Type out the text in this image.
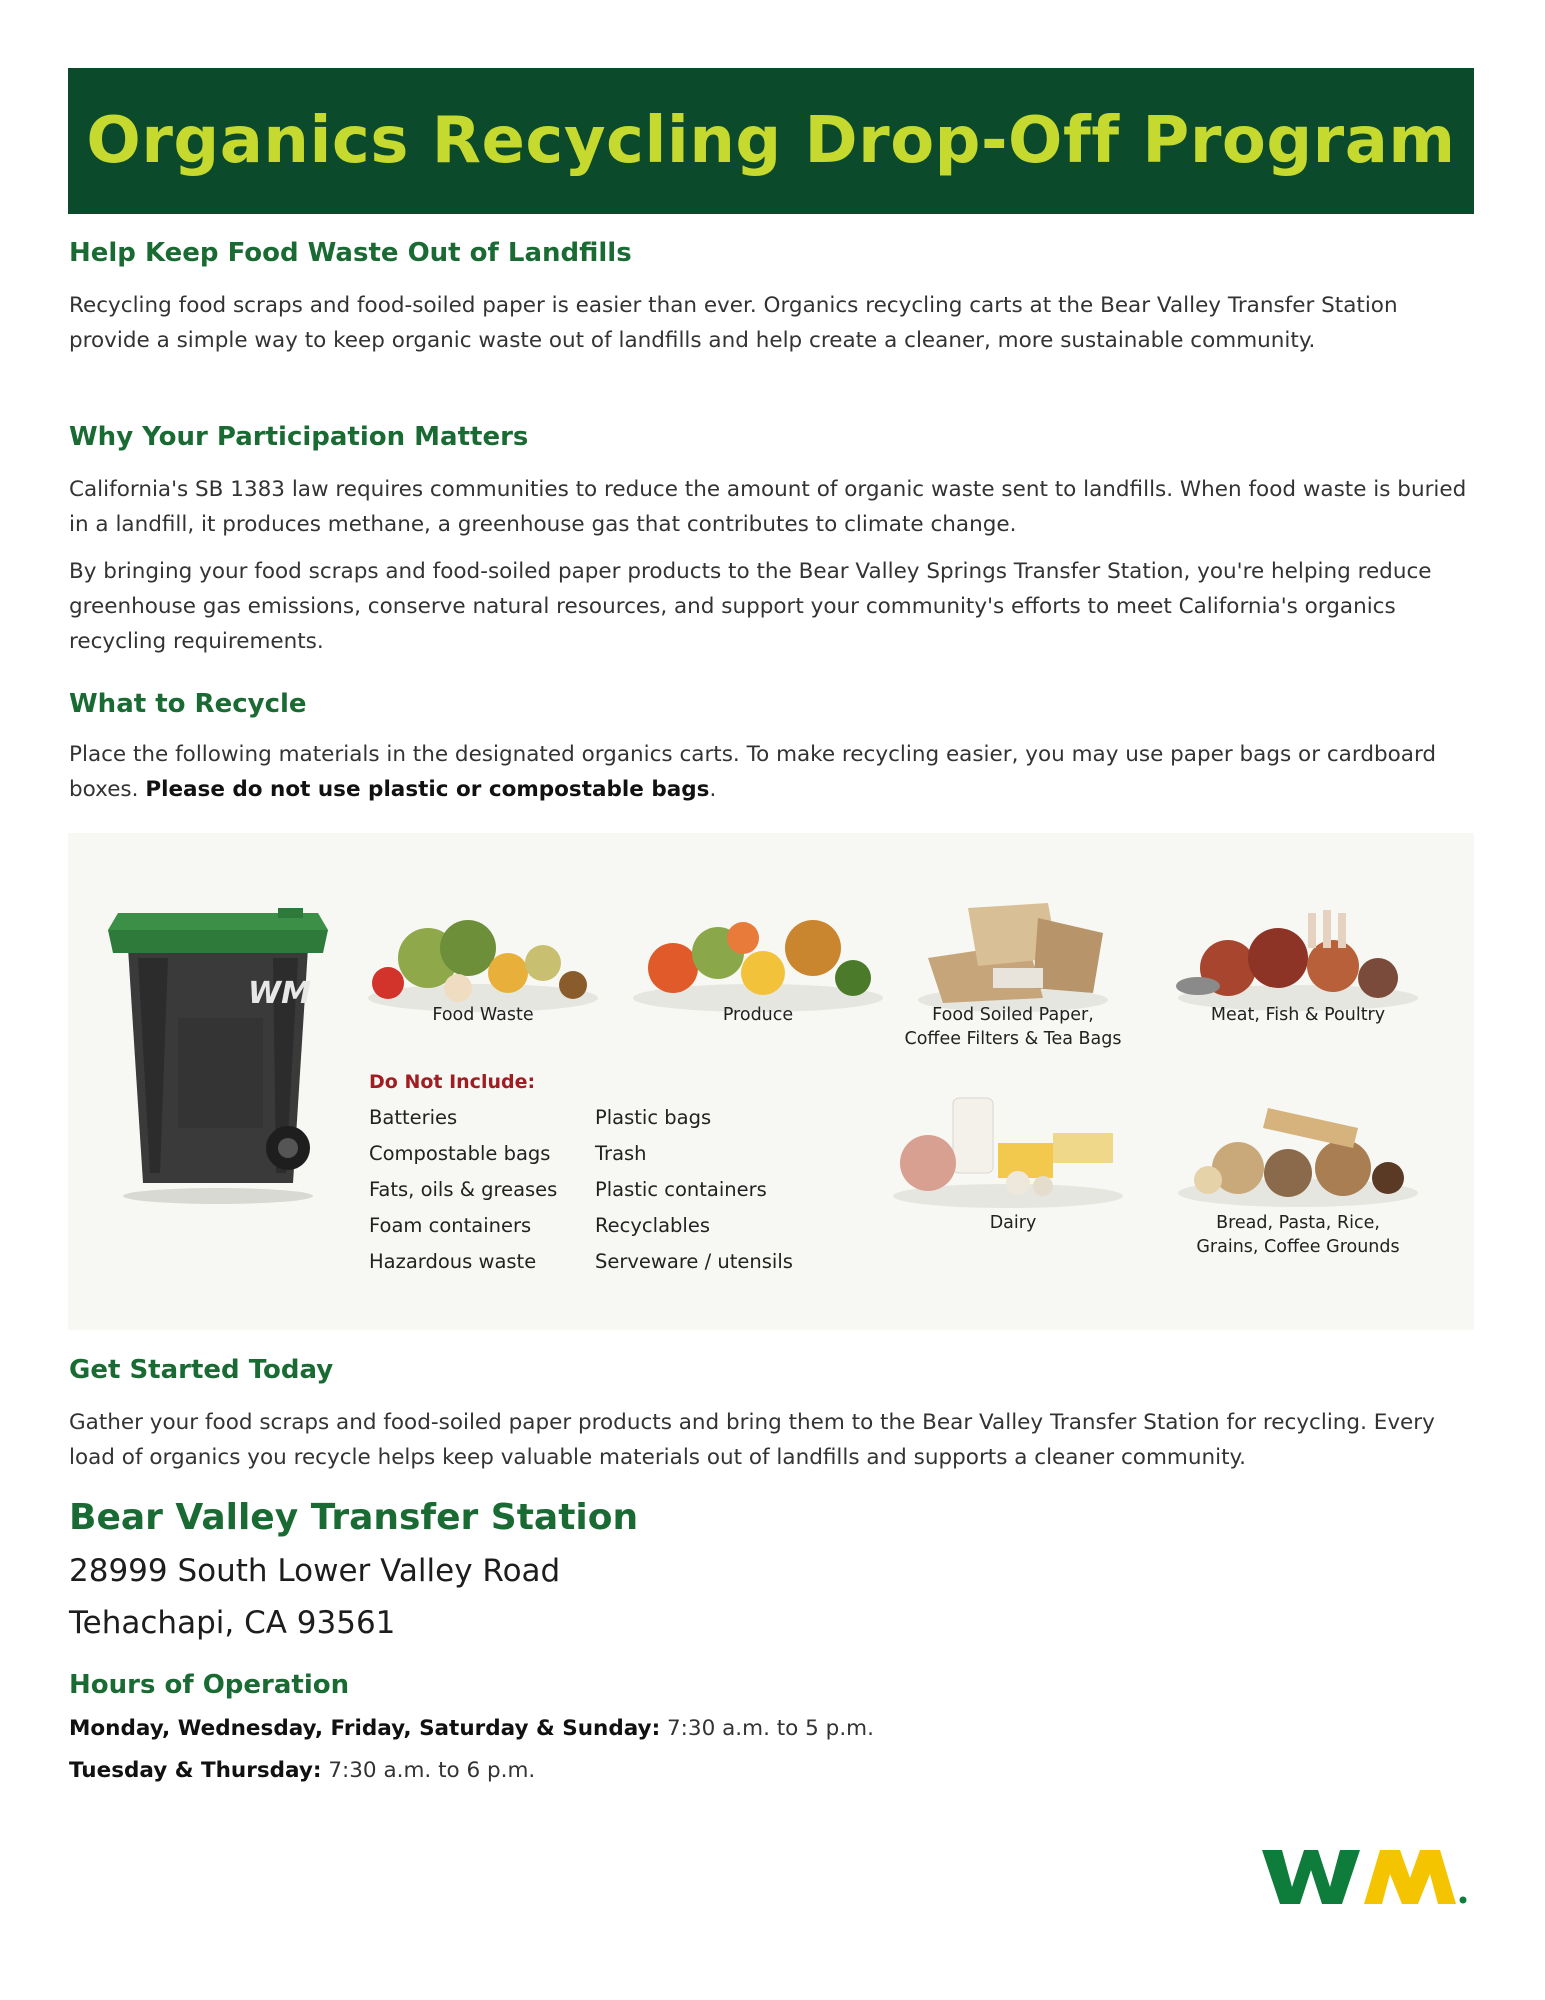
Organics Recycling Drop-Off Program
Help Keep Food Waste Out of Landfills
Recycling food scraps and food-soiled paper is easier than ever. Organics recycling carts at the Bear Valley Transfer Station provide a simple way to keep organic waste out of landfills and help create a cleaner, more sustainable community.
Why Your Participation Matters
California's SB 1383 law requires communities to reduce the amount of organic waste sent to landfills. When food waste is buried in a landfill, it produces methane, a greenhouse gas that contributes to climate change.
By bringing your food scraps and food-soiled paper products to the Bear Valley Springs Transfer Station, you're helping reduce greenhouse gas emissions, conserve natural resources, and support your community's efforts to meet California's organics recycling requirements.
What to Recycle
Place the following materials in the designated organics carts. To make recycling easier, you may use paper bags or cardboard boxes. Please do not use plastic or compostable bags.
WM
Food Waste	Produce	Food Soiled Paper,
Coffee Filters & Tea Bags
Meat, Fish & Poultry
Dairy	Bread, Pasta, Rice,
Grains, Coffee Grounds
Do Not Include:
Batteries
Compostable bags
Fats, oils & greases
Foam containers
Hazardous waste
Plastic bags
Trash
Plastic containers
Recyclables
Serveware / utensils
Get Started Today
Gather your food scraps and food-soiled paper products and bring them to the Bear Valley Transfer Station for recycling. Every load of organics you recycle helps keep valuable materials out of landfills and supports a cleaner community.
Bear Valley Transfer Station
28999 South Lower Valley Road
Tehachapi, CA 93561
Hours of Operation
Monday, Wednesday, Friday, Saturday & Sunday: 7:30 a.m. to 5 p.m.
Tuesday & Thursday: 7:30 a.m. to 6 p.m.
